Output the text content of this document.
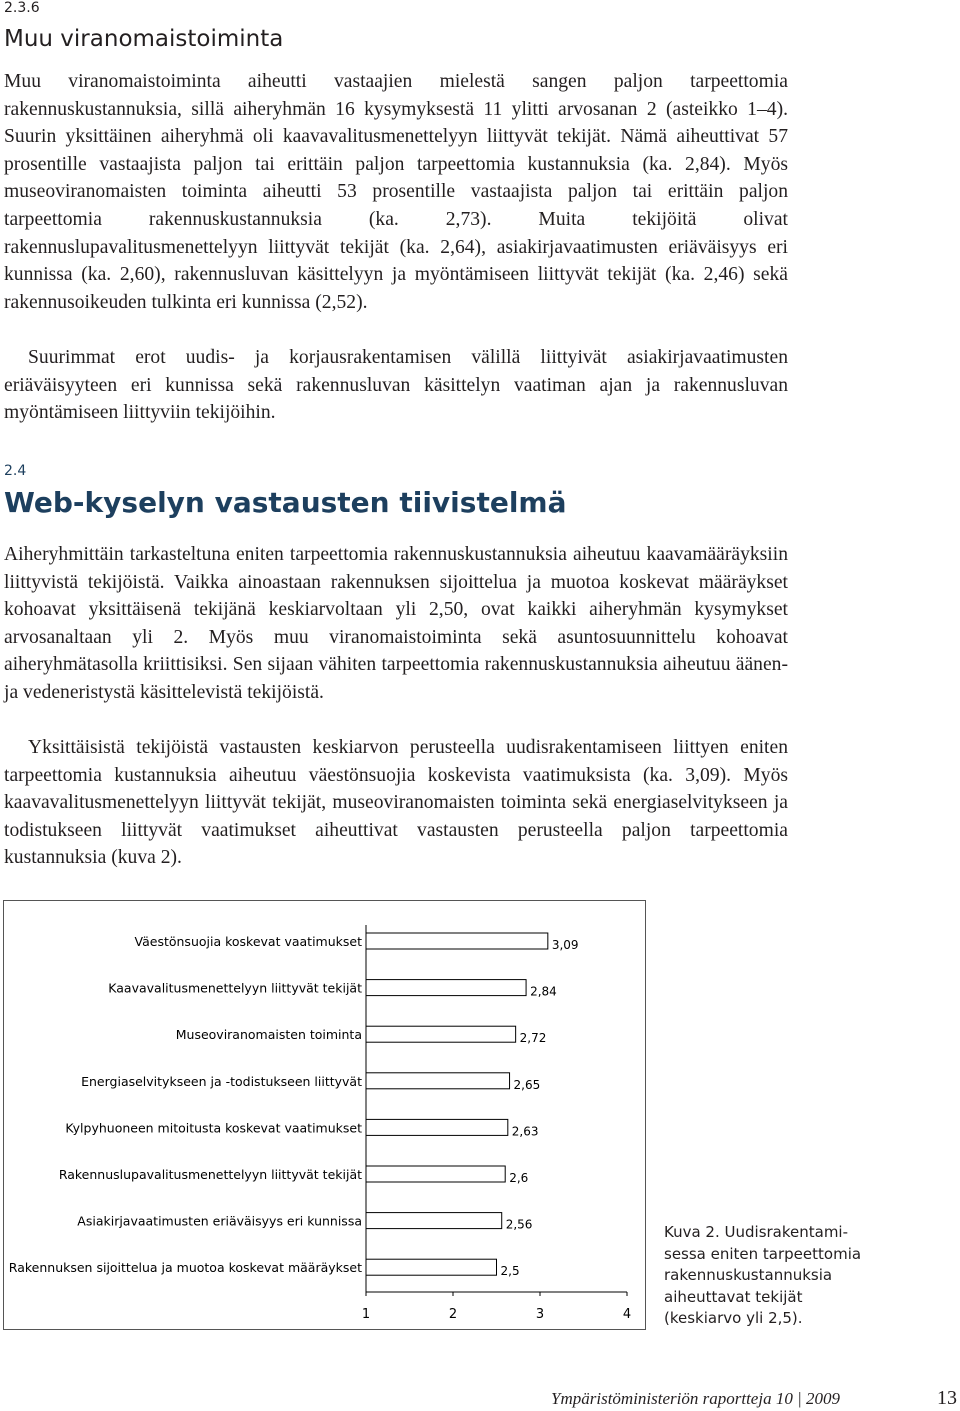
2.3.6
Muu viranomaistoiminta

Muu viranomaistoiminta aiheutti vastaajien mielestä sangen paljon tarpeettomia rakennuskustannuksia, sillä aiheryhmän 16 kysymyksestä 11 ylitti arvosanan 2 (asteikko 1–4). Suurin yksittäinen aiheryhmä oli kaavavalitusmenettelyyn liittyvät tekijät. Nämä aiheuttivat 57 prosentille vastaajista paljon tai erittäin paljon tarpeettomia kustannuksia (ka. 2,84). Myös museoviranomaisten toiminta aiheutti 53 prosentille vastaajista paljon tai erittäin paljon tarpeettomia rakennuskustannuksia (ka. 2,73). Muita tekijöitä olivat rakennuslupavalitusmenettelyyn liittyvät tekijät (ka. 2,64), asiakirjavaatimusten eriäväisyys eri kunnissa (ka. 2,60), rakennusluvan käsittelyyn ja myöntämiseen liittyvät tekijät (ka. 2,46) sekä rakennusoikeuden tulkinta eri kunnissa (2,52).

Suurimmat erot uudis- ja korjausrakentamisen välillä liittyivät asiakirjavaatimusten eriäväisyyteen eri kunnissa sekä rakennusluvan käsittelyn vaatiman ajan ja rakennusluvan myöntämiseen liittyviin tekijöihin.

2.4
Web-kyselyn vastausten tiivistelmä

Aiheryhmittäin tarkasteltuna eniten tarpeettomia rakennuskustannuksia aiheutuu kaavamääräyksiin liittyvistä tekijöistä. Vaikka ainoastaan rakennuksen sijoittelua ja muotoa koskevat määräykset kohoavat yksittäisenä tekijänä keskiarvoltaan yli 2,50, ovat kaikki aiheryhmän kysymykset arvosanaltaan yli 2. Myös muu viranomaistoiminta sekä asuntosuunnittelu kohoavat aiheryhmätasolla kriittisiksi. Sen sijaan vähiten tarpeettomia rakennuskustannuksia aiheutuu äänen- ja vedeneristystä käsittelevistä tekijöistä.

Yksittäisistä tekijöistä vastausten keskiarvon perusteella uudisrakentamiseen liittyen eniten tarpeettomia kustannuksia aiheutuu väestönsuojia koskevista vaatimuksista (ka. 3,09). Myös kaavavalitusmenettelyyn liittyvät tekijät, museoviranomaisten toiminta sekä energiaselvitykseen ja todistukseen liittyvät vaatimukset aiheuttivat vastausten perusteella paljon tarpeettomia kustannuksia (kuva 2).

Väestönsuojia koskevat vaatimukset	3,09
Kaavavalitusmenettelyyn liittyvät tekijät	2,84
Museoviranomaisten toiminta	2,72
Energiaselvitykseen ja -todistukseen liittyvät	2,65
Kylpyhuoneen mitoitusta koskevat vaatimukset	2,63
Rakennuslupavalitusmenettelyyn liittyvät tekijät	2,6
Asiakirjavaatimusten eriäväisyys eri kunnissa	2,56
Rakennuksen sijoittelua ja muotoa koskevat määräykset	2,5
1	2	3	4
Kuva 2. Uudisrakentami-
sessa eniten tarpeettomia
rakennuskustannuksia
aiheuttavat tekijät
(keskiarvo yli 2,5).
Ympäristöministeriön raportteja 10 | 2009	13
